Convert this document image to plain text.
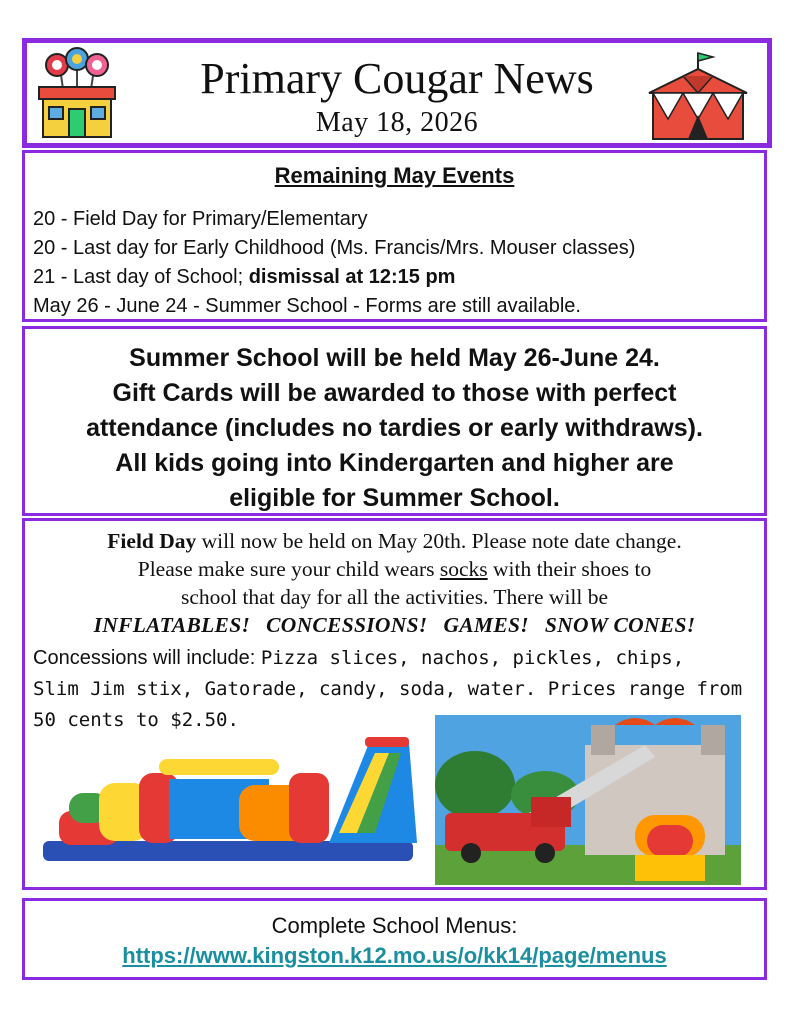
Primary Cougar News
May 18, 2026
Remaining May Events
20 - Field Day for Primary/Elementary
20 - Last day for Early Childhood (Ms. Francis/Mrs. Mouser classes)
21 - Last day of School; dismissal at 12:15 pm
May 26 - June 24 - Summer School - Forms are still available.
Summer School will be held May 26-June 24.
Gift Cards will be awarded to those with perfect
attendance (includes no tardies or early withdraws).
All kids going into Kindergarten and higher are
eligible for Summer School.
Field Day will now be held on May 20th. Please note date change.
Please make sure your child wears socks with their shoes to
school that day for all the activities. There will be
INFLATABLES! CONCESSIONS! GAMES! SNOW CONES!
Concessions will include: Pizza slices, nachos, pickles, chips,
Slim Jim stix, Gatorade, candy, soda, water. Prices range from
50 cents to $2.50.
Complete School Menus:
https://www.kingston.k12.mo.us/o/kk14/page/menus
